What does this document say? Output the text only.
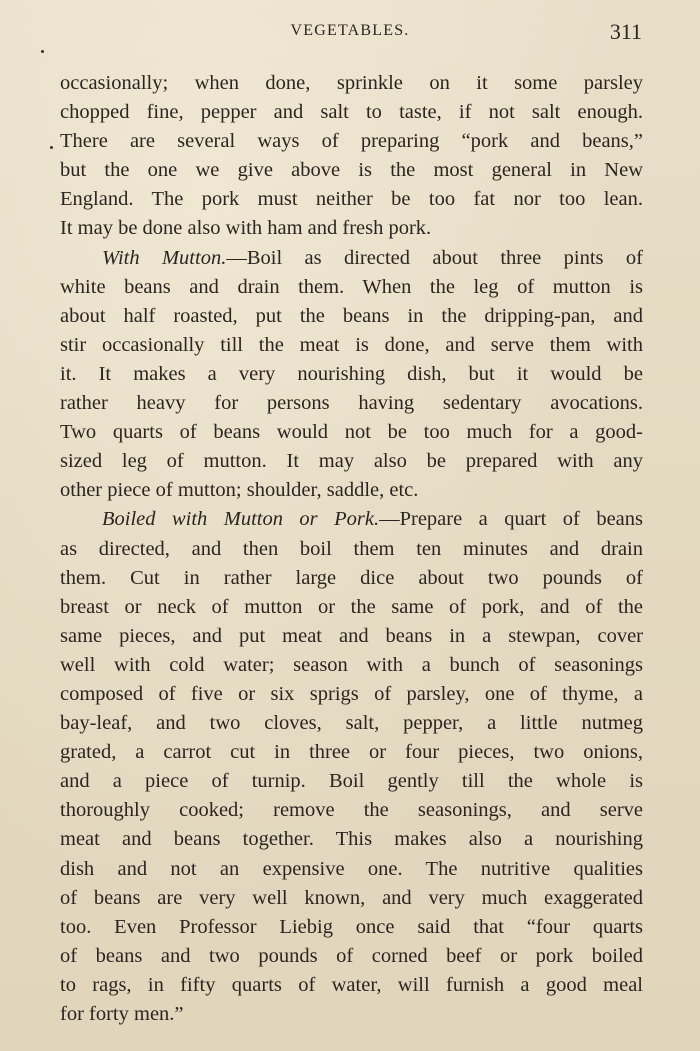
VEGETABLES.	311
occasionally; when done, sprinkle on it some parsley
chopped fine, pepper and salt to taste, if not salt enough.
There are several ways of preparing “pork and beans,”
but the one we give above is the most general in New
England. The pork must neither be too fat nor too lean.
It may be done also with ham and fresh pork.
With Mutton.—Boil as directed about three pints of
white beans and drain them. When the leg of mutton is
about half roasted, put the beans in the dripping-pan, and
stir occasionally till the meat is done, and serve them with
it. It makes a very nourishing dish, but it would be
rather heavy for persons having sedentary avocations.
Two quarts of beans would not be too much for a good-
sized leg of mutton. It may also be prepared with any
other piece of mutton; shoulder, saddle, etc.
Boiled with Mutton or Pork.—Prepare a quart of beans
as directed, and then boil them ten minutes and drain
them. Cut in rather large dice about two pounds of
breast or neck of mutton or the same of pork, and of the
same pieces, and put meat and beans in a stewpan, cover
well with cold water; season with a bunch of seasonings
composed of five or six sprigs of parsley, one of thyme, a
bay-leaf, and two cloves, salt, pepper, a little nutmeg
grated, a carrot cut in three or four pieces, two onions,
and a piece of turnip. Boil gently till the whole is
thoroughly cooked; remove the seasonings, and serve
meat and beans together. This makes also a nourishing
dish and not an expensive one. The nutritive qualities
of beans are very well known, and very much exaggerated
too. Even Professor Liebig once said that “four quarts
of beans and two pounds of corned beef or pork boiled
to rags, in fifty quarts of water, will furnish a good meal
for forty men.”
